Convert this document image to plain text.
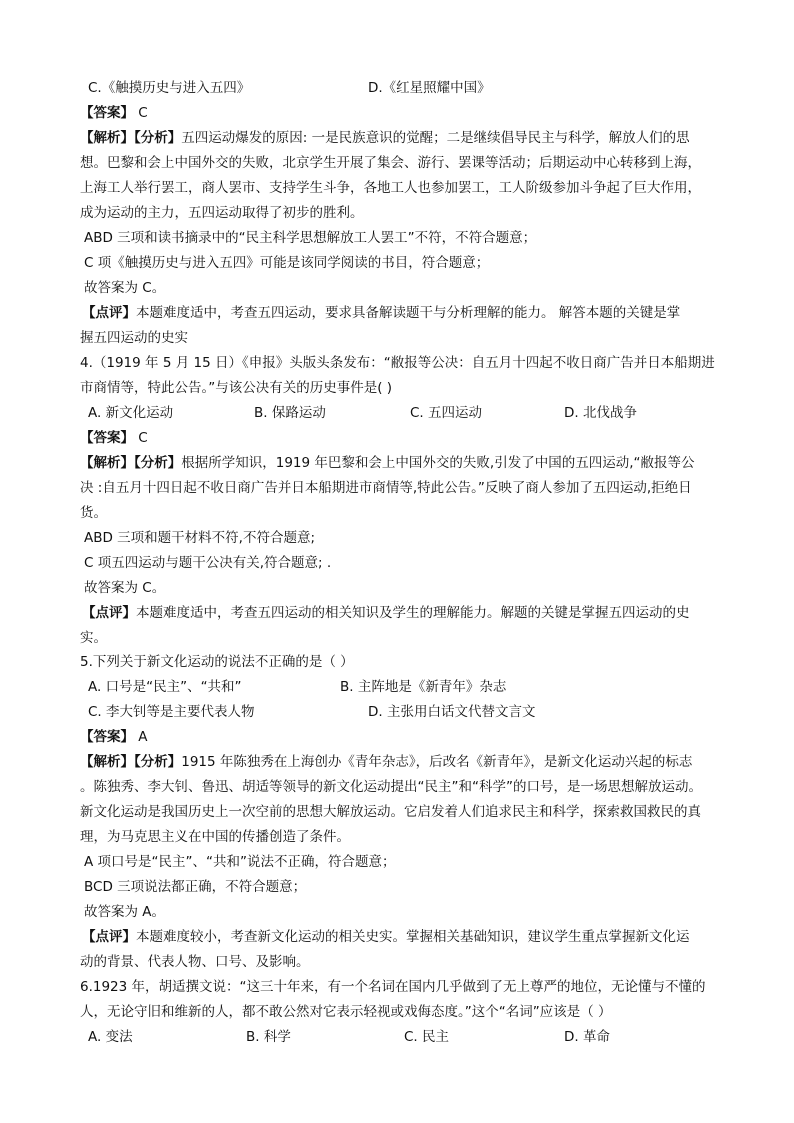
C.《触摸历史与进入五四》	D.《红星照耀中国》
【答案】 C
【解析】【分析】五四运动爆发的原因: 一是民族意识的觉醒；二是继续倡导民主与科学，解放人们的思
想。巴黎和会上中国外交的失败，北京学生开展了集会、游行、罢课等活动；后期运动中心转移到上海，
上海工人举行罢工，商人罢市、支持学生斗争，各地工人也参加罢工，工人阶级参加斗争起了巨大作用，
成为运动的主力，五四运动取得了初步的胜利。
ABD 三项和读书摘录中的“民主科学思想解放工人罢工”不符，不符合题意；
C 项《触摸历史与进入五四》可能是该同学阅读的书目，符合题意；
故答案为 C。
【点评】本题难度适中，考查五四运动，要求具备解读题干与分析理解的能力。 解答本题的关键是掌
握五四运动的史实
4.（1919 年 5 月 15 日）《申报》头版头条发布：“敝报等公决：自五月十四起不收日商广告并日本船期进
市商情等，特此公告。”与该公决有关的历史事件是( )
A. 新文化运动	B. 保路运动	C. 五四运动	D. 北伐战争
【答案】 C
【解析】【分析】根据所学知识，1919 年巴黎和会上中国外交的失败,引发了中国的五四运动,“敝报等公
决 :自五月十四日起不收日商广告并日本船期进市商情等,特此公告。”反映了商人参加了五四运动,拒绝日
货。
ABD 三项和题干材料不符,不符合题意;
C 项五四运动与题干公决有关,符合题意; .
故答案为 C。
【点评】本题难度适中，考查五四运动的相关知识及学生的理解能力。解题的关键是掌握五四运动的史
实。
5.下列关于新文化运动的说法不正确的是（ ）
A. 口号是“民主”、“共和”	B. 主阵地是《新青年》杂志
C. 李大钊等是主要代表人物	D. 主张用白话文代替文言文
【答案】 A
【解析】【分析】1915 年陈独秀在上海创办《青年杂志》，后改名《新青年》，是新文化运动兴起的标志
。陈独秀、李大钊、鲁迅、胡适等领导的新文化运动提出“民主”和“科学”的口号，是一场思想解放运动。
新文化运动是我国历史上一次空前的思想大解放运动。它启发着人们追求民主和科学，探索救国救民的真
理，为马克思主义在中国的传播创造了条件。
A 项口号是“民主”、“共和”说法不正确，符合题意；
BCD 三项说法都正确，不符合题意；
故答案为 A。
【点评】本题难度较小，考查新文化运动的相关史实。掌握相关基础知识，建议学生重点掌握新文化运
动的背景、代表人物、口号、及影响。
6.1923 年，胡适撰文说：“这三十年来，有一个名词在国内几乎做到了无上尊严的地位，无论懂与不懂的
人，无论守旧和维新的人，都不敢公然对它表示轻视或戏侮态度。”这个“名词”应该是（ ）
A. 变法	B. 科学	C. 民主	D. 革命
